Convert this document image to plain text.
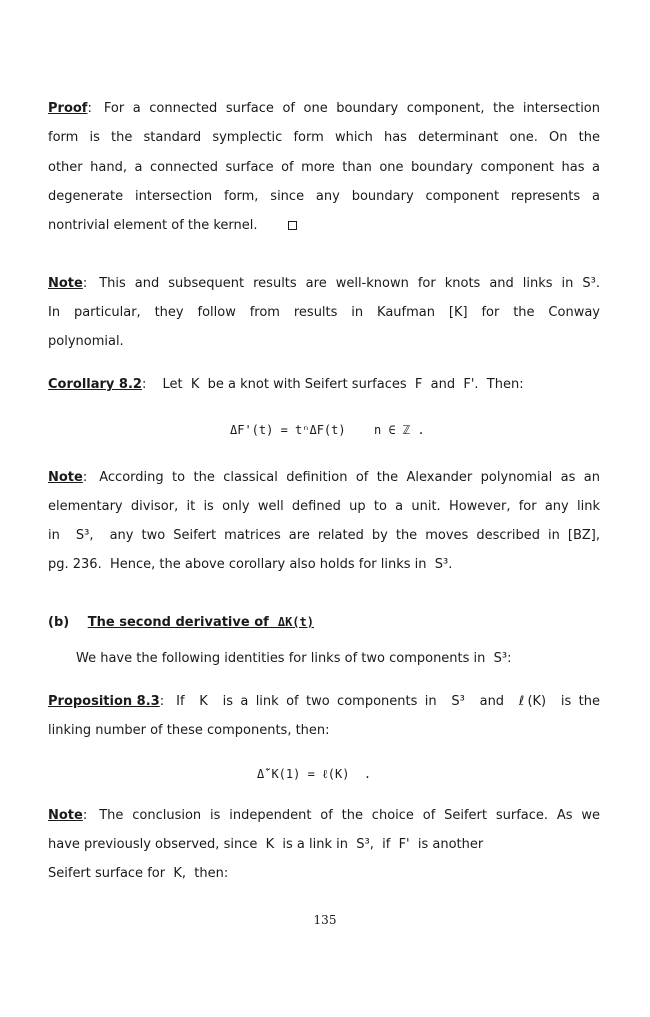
Proof: For a connected surface of one boundary component, the intersection
form is the standard symplectic form which has determinant one. On the
other hand, a connected surface of more than one boundary component has a
degenerate intersection form, since any boundary component represents a
nontrivial element of the kernel.
Note: This and subsequent results are well-known for knots and links in S³.
In particular, they follow from results in Kaufman [K] for the Conway
polynomial.
Corollary 8.2: Let  K  be a knot with Seifert surfaces  F  and  F'.  Then:
ΔF'(t) = tⁿΔF(t) n ∈ ℤ .
Note: According to the classical definition of the Alexander polynomial as an
elementary divisor, it is only well defined up to a unit. However, for any link
in  S³,  any two Seifert matrices are related by the moves described in [BZ],
pg. 236.  Hence, the above corollary also holds for links in  S³.
(b) The second derivative of ΔK(t)
We have the following identities for links of two components in  S³:
Proposition 8.3: If  K  is a link of two components in  S³  and  ℓ(K)  is the
linking number of these components, then:
Δ̃′K(1) = ℓ(K)  .
Note: The conclusion is independent of the choice of Seifert surface. As we
have previously observed, since  K  is a link in  S³,  if  F'  is another
Seifert surface for  K,  then:
135
